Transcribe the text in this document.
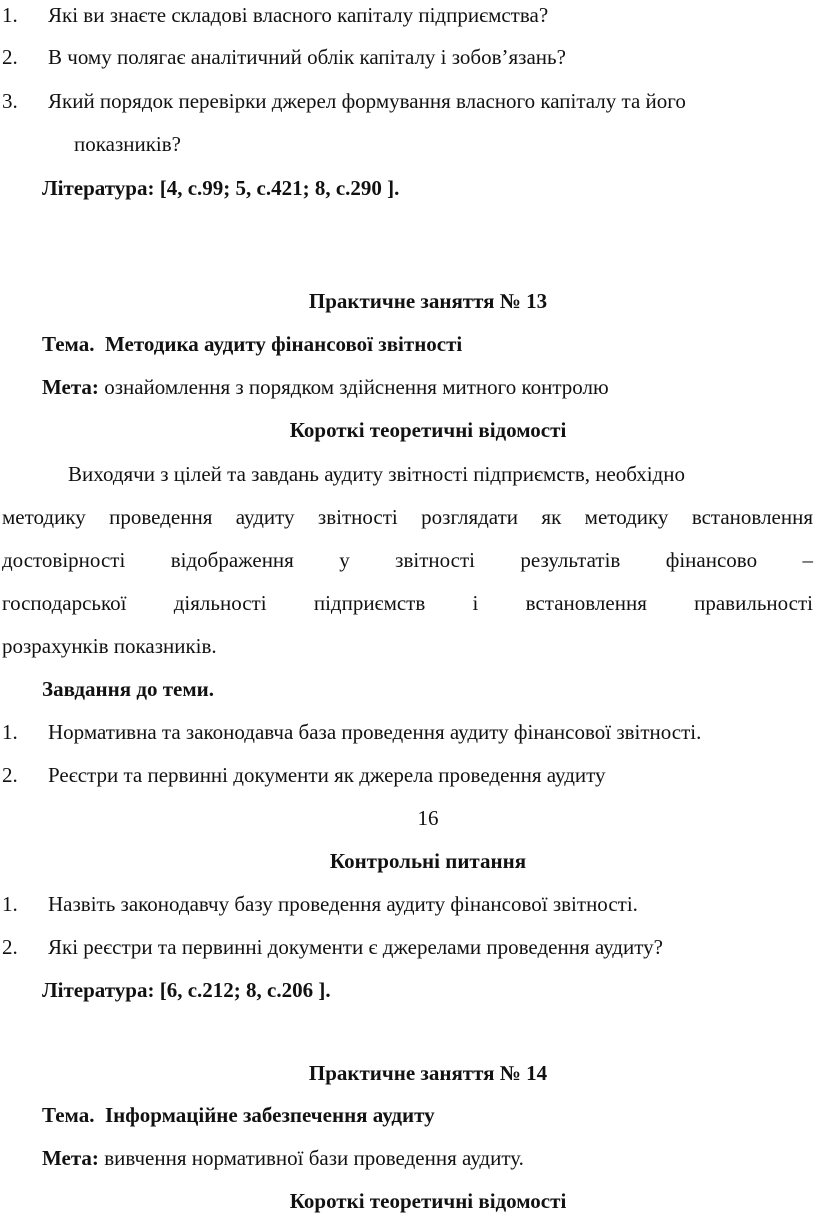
1. Які ви знаєте складові власного капіталу підприємства?
2. В чому полягає аналітичний облік капіталу і зобов’язань?
3. Який порядок перевірки джерел формування власного капіталу та його
показників?
Література: [4, с.99; 5, с.421; 8, с.290 ].
Практичне заняття № 13
Тема. Методика аудиту фінансової звітності
Мета: ознайомлення з порядком здійснення митного контролю
Короткі теоретичні відомості
Виходячи з цілей та завдань аудиту звітності підприємств, необхідно
методику проведення аудиту звітності розглядати як методику встановлення
достовірності відображення у звітності результатів фінансово –
господарської діяльності підприємств і встановлення правильності
розрахунків показників.
Завдання до теми.
1. Нормативна та законодавча база проведення аудиту фінансової звітності.
2. Реєстри та первинні документи як джерела проведення аудиту
16
Контрольні питання
1. Назвіть законодавчу базу проведення аудиту фінансової звітності.
2. Які реєстри та первинні документи є джерелами проведення аудиту?
Література: [6, с.212; 8, с.206 ].
Практичне заняття № 14
Тема. Інформаційне забезпечення аудиту
Мета: вивчення нормативної бази проведення аудиту.
Короткі теоретичні відомості
